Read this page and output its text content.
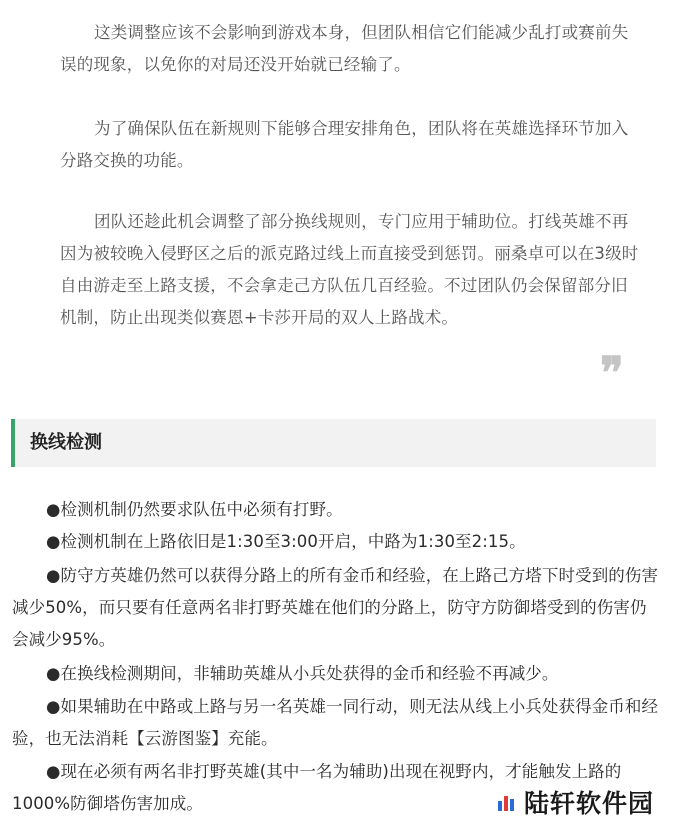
这类调整应该不会影响到游戏本身，但团队相信它们能减少乱打或赛前失误的现象，以免你的对局还没开始就已经输了。

为了确保队伍在新规则下能够合理安排角色，团队将在英雄选择环节加入分路交换的功能。

团队还趁此机会调整了部分换线规则，专门应用于辅助位。打线英雄不再因为被较晚入侵野区之后的派克路过线上而直接受到惩罚。丽桑卓可以在3级时自由游走至上路支援，不会拿走己方队伍几百经验。不过团队仍会保留部分旧机制，防止出现类似赛恩+卡莎开局的双人上路战术。

❞
换线检测

●检测机制仍然要求队伍中必须有打野。

●检测机制在上路依旧是1:30至3:00开启，中路为1:30至2:15。

●防守方英雄仍然可以获得分路上的所有金币和经验，在上路己方塔下时受到的伤害减少50%，而只要有任意两名非打野英雄在他们的分路上，防守方防御塔受到的伤害仍会减少95%。

●在换线检测期间，非辅助英雄从小兵处获得的金币和经验不再减少。

●如果辅助在中路或上路与另一名英雄一同行动，则无法从线上小兵处获得金币和经验，也无法消耗【云游图鉴】充能。

●现在必须有两名非打野英雄(其中一名为辅助)出现在视野内，才能触发上路的1000%防御塔伤害加成。	陆轩软件园
